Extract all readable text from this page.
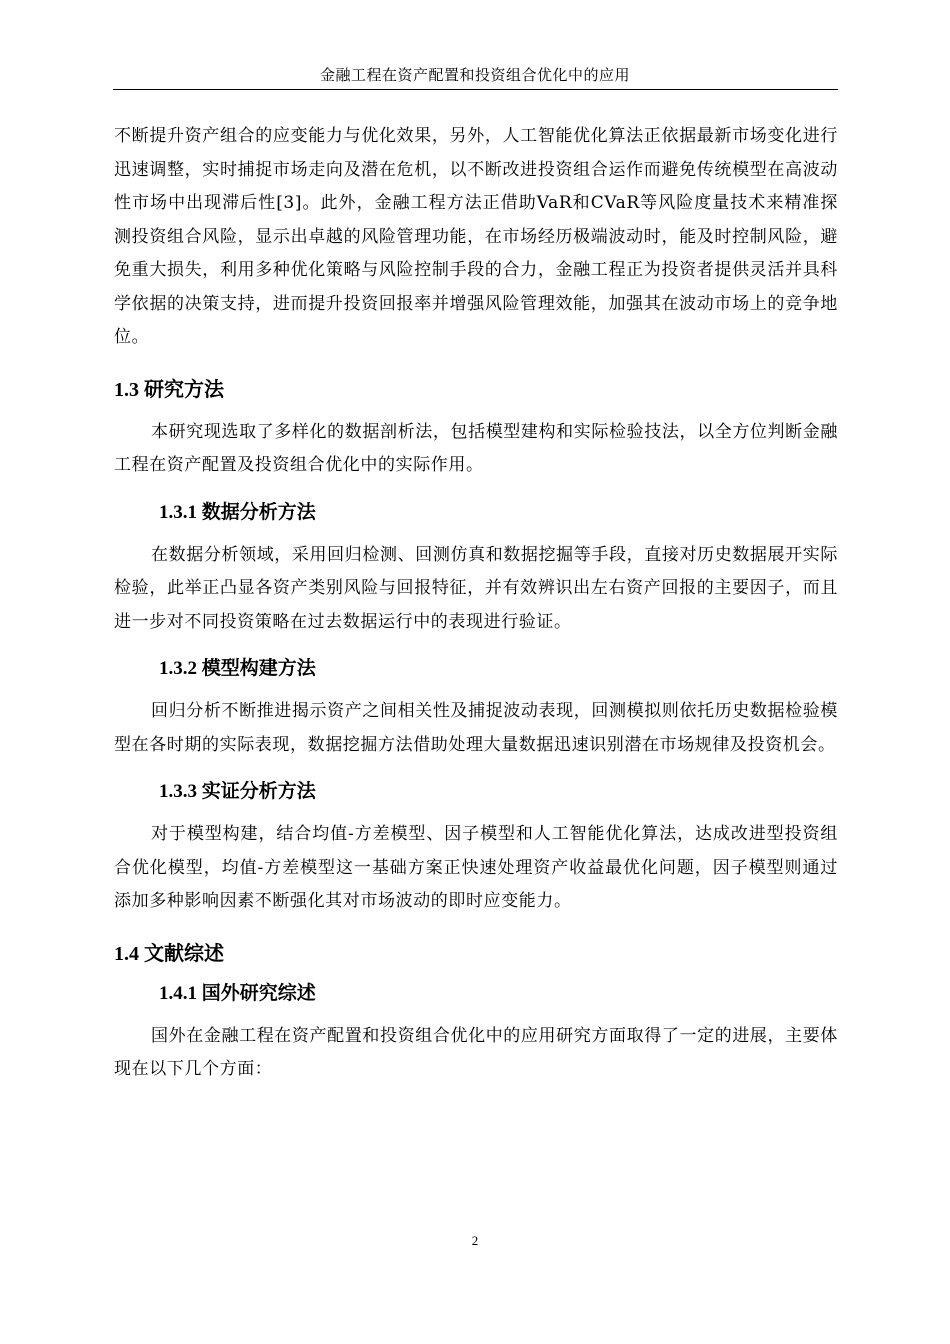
金融工程在资产配置和投资组合优化中的应用

不断提升资产组合的应变能力与优化效果，另外，人工智能优化算法正依据最新市场变化进行迅速调整，实时捕捉市场走向及潜在危机，以不断改进投资组合运作而避免传统模型在高波动性市场中出现滞后性[3]。此外，金融工程方法正借助VaR和CVaR等风险度量技术来精准探测投资组合风险，显示出卓越的风险管理功能，在市场经历极端波动时，能及时控制风险，避免重大损失，利用多种优化策略与风险控制手段的合力，金融工程正为投资者提供灵活并具科学依据的决策支持，进而提升投资回报率并增强风险管理效能，加强其在波动市场上的竞争地位。

1.3 研究方法

本研究现选取了多样化的数据剖析法，包括模型建构和实际检验技法，以全方位判断金融工程在资产配置及投资组合优化中的实际作用。

1.3.1 数据分析方法

在数据分析领域，采用回归检测、回测仿真和数据挖掘等手段，直接对历史数据展开实际检验，此举正凸显各资产类别风险与回报特征，并有效辨识出左右资产回报的主要因子，而且进一步对不同投资策略在过去数据运行中的表现进行验证。

1.3.2 模型构建方法

回归分析不断推进揭示资产之间相关性及捕捉波动表现，回测模拟则依托历史数据检验模型在各时期的实际表现，数据挖掘方法借助处理大量数据迅速识别潜在市场规律及投资机会。

1.3.3 实证分析方法

对于模型构建，结合均值-方差模型、因子模型和人工智能优化算法，达成改进型投资组合优化模型，均值-方差模型这一基础方案正快速处理资产收益最优化问题，因子模型则通过添加多种影响因素不断强化其对市场波动的即时应变能力。

1.4 文献综述
1.4.1 国外研究综述

国外在金融工程在资产配置和投资组合优化中的应用研究方面取得了一定的进展，主要体现在以下几个方面：

2
